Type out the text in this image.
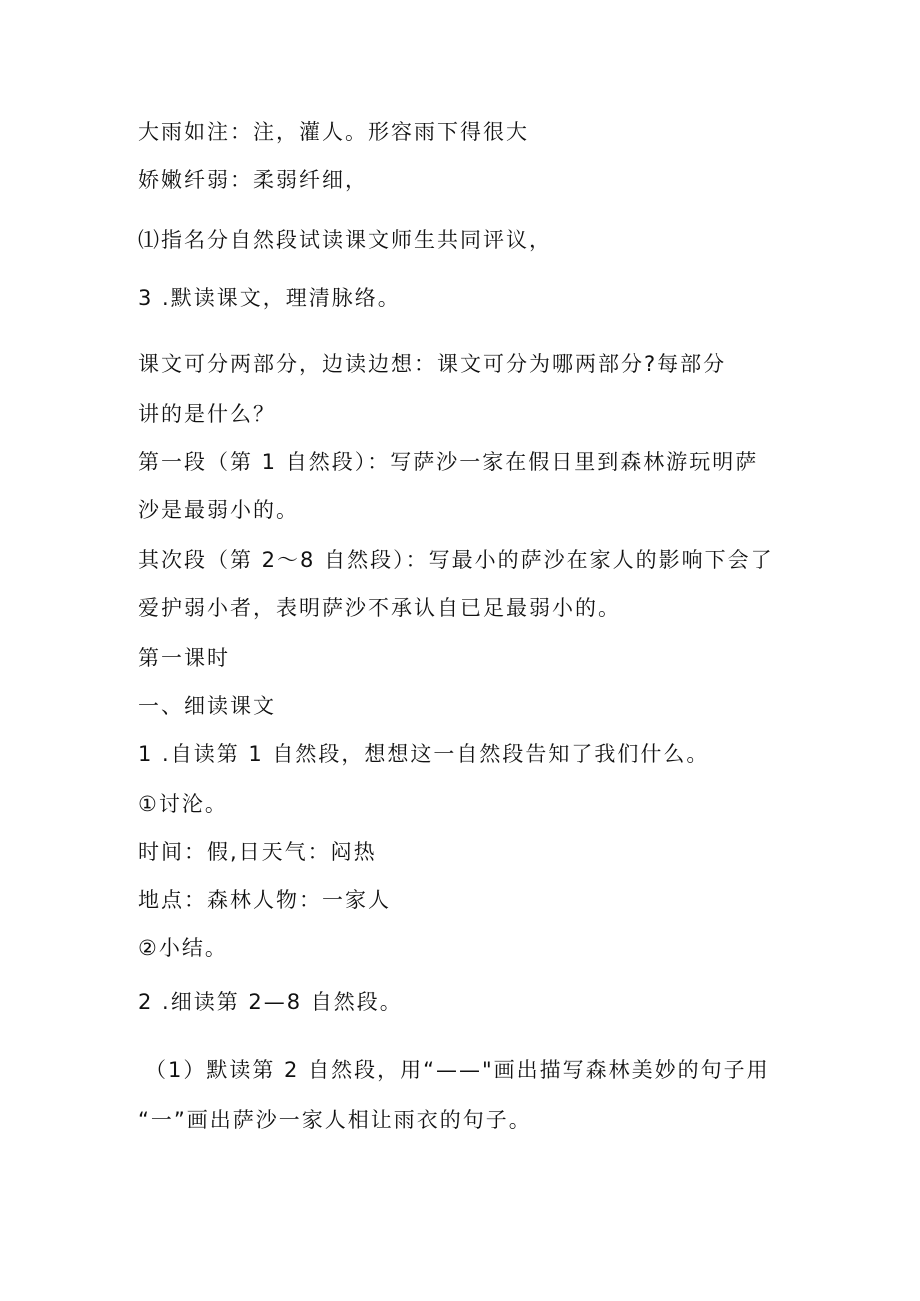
大雨如注：注，灌人。形容雨下得很大
娇嫩纤弱：柔弱纤细，
⑴指名分自然段试读课文师生共同评议，
3 .默读课文，理清脉络。
课文可分两部分，边读边想：课文可分为哪两部分?每部分
讲的是什么？
第一段（第 1 自然段）：写萨沙一家在假日里到森林游玩明萨
沙是最弱小的。
其次段（第 2～8 自然段）：写最小的萨沙在家人的影响下会了
爱护弱小者，表明萨沙不承认自已足最弱小的。
第一课时
一、细读课文
1 .自读第 1 自然段，想想这一自然段告知了我们什么。
①讨沦。
时间：假,日天气：闷热
地点：森林人物：一家人
②小结。
2 .细读第 2—8 自然段。
（1）默读第 2 自然段，用“——"画出描写森林美妙的句子用
“一”画出萨沙一家人相让雨衣的句子。
